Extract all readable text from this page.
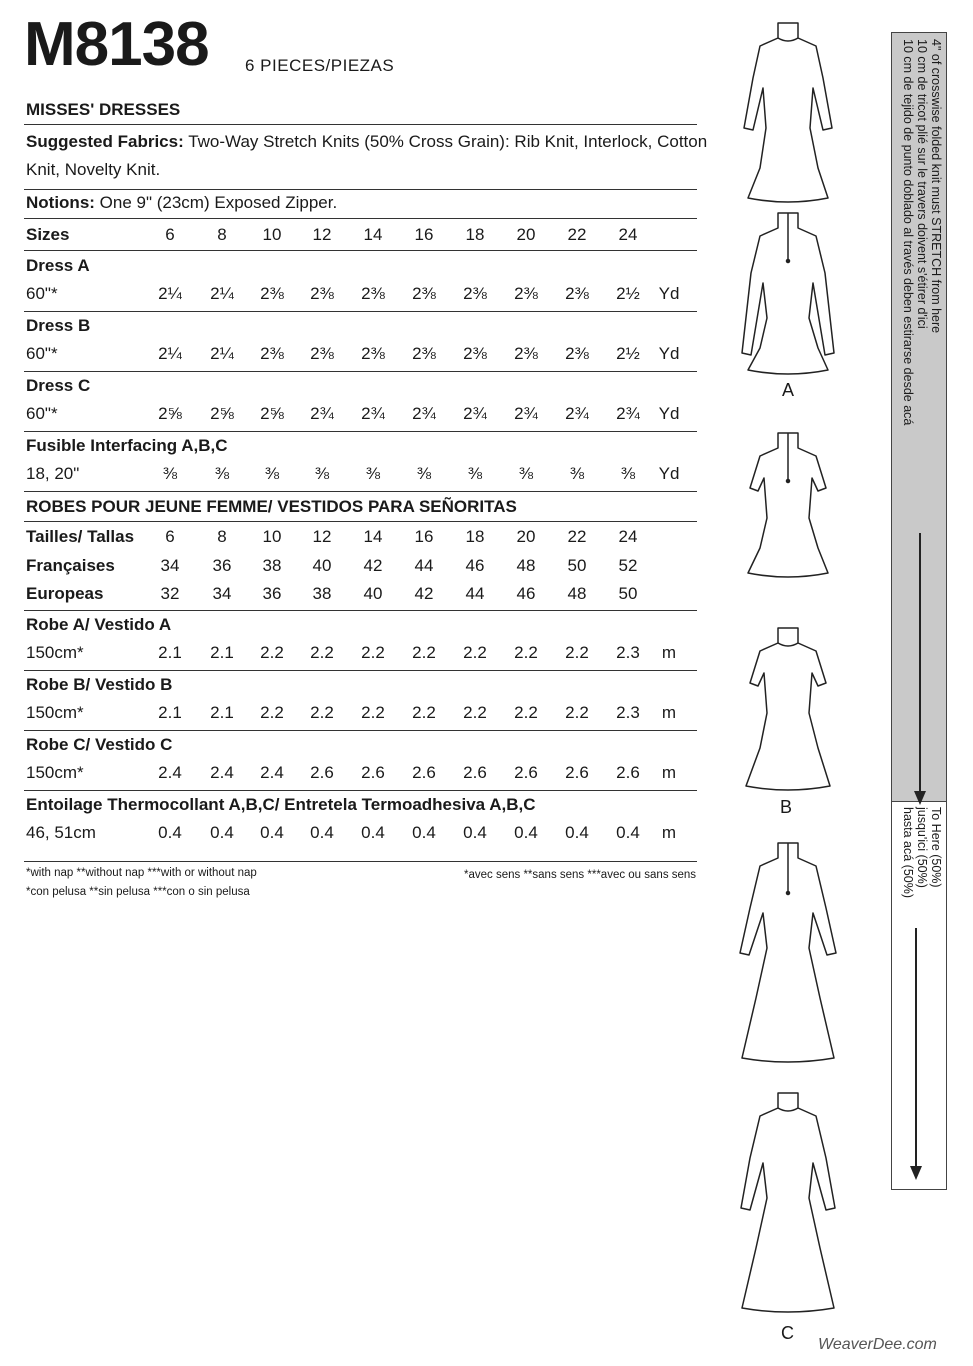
M8138 6 PIECES/PIEZAS
MISSES' DRESSES
Suggested Fabrics: Two-Way Stretch Knits (50% Cross Grain): Rib Knit, Interlock, Cotton
Knit, Novelty Knit.
Notions: One 9" (23cm) Exposed Zipper.
Sizes	6	8 10 12 14 16 18 20 22 24
Dress A
60"*	2¼ 2¼ 2⅜ 2⅜ 2⅜ 2⅜ 2⅜ 2⅜ 2⅜ 2½ Yd
Dress B
60"*	2¼ 2¼ 2⅜ 2⅜ 2⅜ 2⅜ 2⅜ 2⅜ 2⅜ 2½ Yd
Dress C
60"*	2⅝ 2⅝ 2⅝ 2¾ 2¾ 2¾ 2¾ 2¾ 2¾ 2¾ Yd
Fusible Interfacing A,B,C
18, 20"	⅜ ⅜ ⅜ ⅜ ⅜ ⅜ ⅜ ⅜ ⅜ ⅜ Yd
ROBES POUR JEUNE FEMME/ VESTIDOS PARA SEÑORITAS
Tailles/ Tallas 6	8 10 12 14 16 18 20 22 24
Françaises	34 36 38 40 42 44 46 48 50 52
Europeas	32 34 36 38 40 42 44 46 48 50
Robe A/ Vestido A
150cm*	2.1 2.1 2.2 2.2 2.2 2.2 2.2 2.2 2.2 2.3 m
Robe B/ Vestido B
150cm*	2.1 2.1 2.2 2.2 2.2 2.2 2.2 2.2 2.2 2.3 m
Robe C/ Vestido C
150cm*	2.4 2.4 2.4 2.6 2.6 2.6 2.6 2.6 2.6 2.6 m
Entoilage Thermocollant A,B,C/ Entretela Termoadhesiva A,B,C
46, 51cm	0.4 0.4 0.4 0.4 0.4 0.4 0.4 0.4 0.4 0.4 m
*with nap **without nap ***with or without nap
*con pelusa **sin pelusa ***con o sin pelusa
*avec sens **sans sens ***avec ou sans sens
A
B
C
4" of crosswise folded knit must STRETCH from here
10 cm de tricot plié sur le travers doivent s'étirer d'ici
10 cm de tejido de punto doblado al través deben estirarse desde acá
To Here (50%)
jusqu'ici (50%)
hasta acá (50%)
WeaverDee.com
